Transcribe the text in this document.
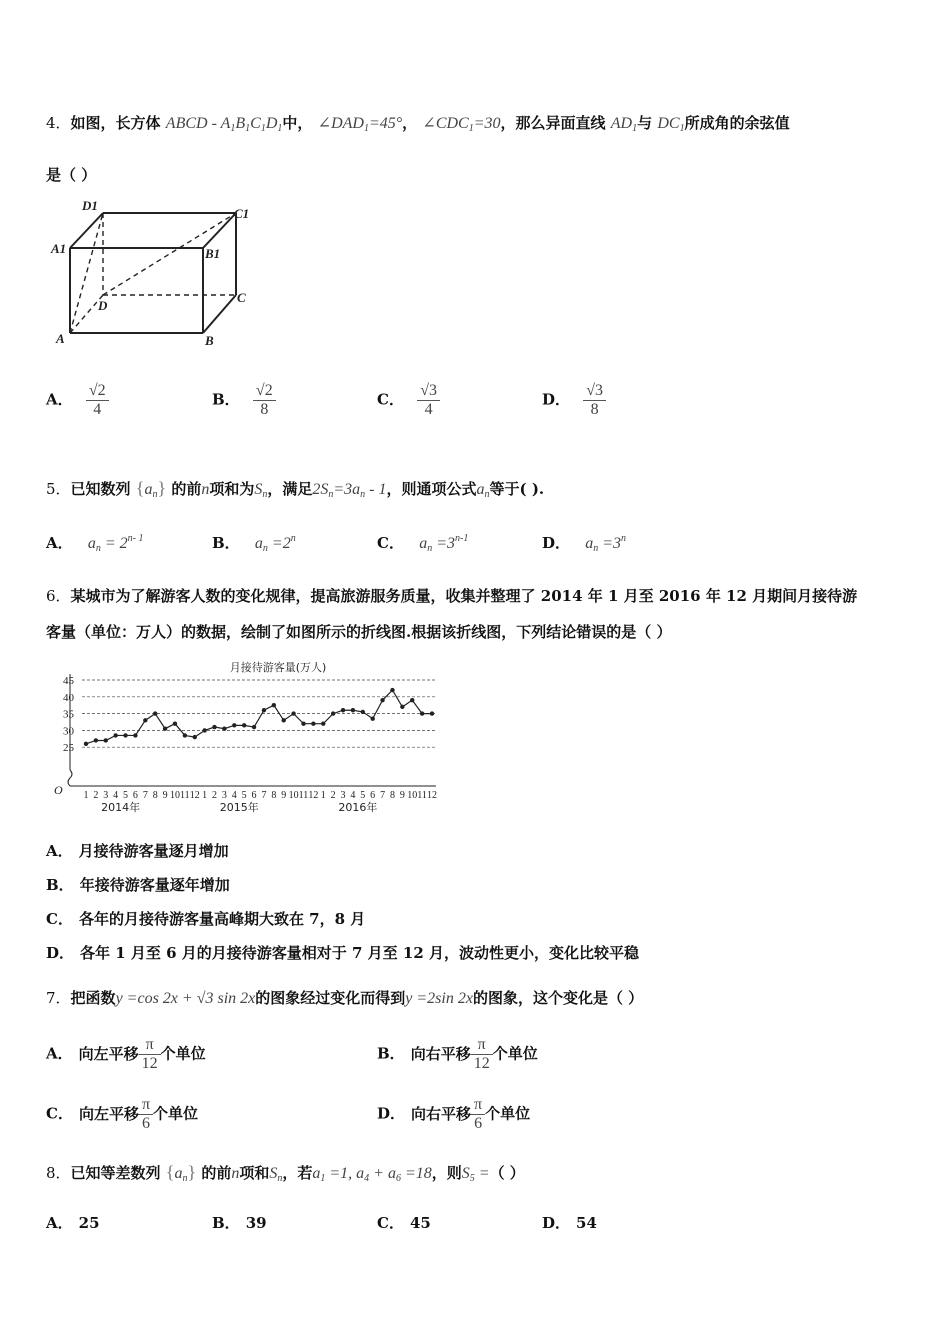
4．如图，长方体 ABCD - $A_1B_1C_1D_1$中， $\angle DAD_1=45^\circ$， $\angle CDC_1=30$，那么异面直线 $AD_1$与 $DC_1$所成角的余弦值
是（ ）
D1
C1
A1	B1
D
C
A	B
A． $\frac{√2}{4}$	B． $\frac{√2}{8}$	C． $\frac{√3}{4}$	D． $\frac{√3}{8}$
5．已知数列 $\{a_n\}$ 的前n项和为$S_n$，满足$2S_n=3a_n - 1$，则通项公式$a_n$等于( ).
A． $a_n = 2^{n- 1}$	B． $a_n =2^n$	C． $a_n =3^{n-1}$	D． $a_n =3^n$
6．某城市为了解游客人数的变化规律，提高旅游服务质量，收集并整理了 2014 年 1 月至 2016 年 12 月期间月接待游
客量（单位：万人）的数据，绘制了如图所示的折线图.根据该折线图，下列结论错误的是（ ）
月接待游客量(万人)
25
30
35
40
45
O 1 2 3 4 5 6 7 8 9 10 11 12 1 2 3 4 5 6 7 8 9 10 11 12 1 2 3 4 5 6 7 8 9 10 11 12
2014年	2015年	2016年
A． 月接待游客量逐月增加
B． 年接待游客量逐年增加
C． 各年的月接待游客量高峰期大致在 7，8 月
D． 各年 1 月至 6 月的月接待游客量相对于 7 月至 12 月，波动性更小，变化比较平稳
7．把函数y =cos 2x + √3 sin 2x的图象经过变化而得到y =2sin 2x的图象，这个变化是（ ）
A． 向左平移 $\frac{\pi}{12}$ 个单位	B． 向右平移 $\frac{\pi}{12}$ 个单位
C． 向左平移 $\frac{\pi}{6}$ 个单位	D． 向右平移 $\frac{\pi}{6}$ 个单位
8．已知等差数列 $\{a_n\}$ 的前n项和$S_n$，若$a_1 =1$, $a_4 + a_6 =18$，则$S_5$ =（ ）
A． 25	B． 39	C． 45	D． 54
